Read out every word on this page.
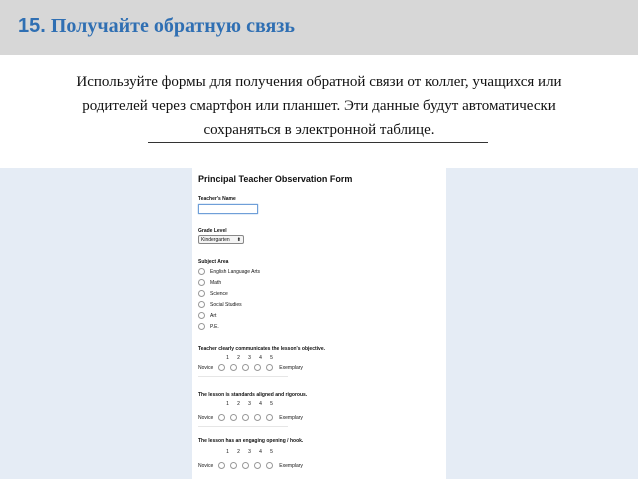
15. Получайте обратную связь
Используйте формы для получения обратной связи от коллег, учащихся или
родителей через смартфон или планшет. Эти данные будут автоматически
сохраняться в электронной таблице.
Principal Teacher Observation Form
Teacher's Name
Grade Level
Kindergarten ⬍
Subject Area
English Language Arts
Math
Science
Social Studies
Art
P.E.
Teacher clearly communicates the lesson's objective.
1 2 3 4 5
Novice	Exemplary
The lesson is standards aligned and rigorous.
1 2 3 4 5
Novice	Exemplary
The lesson has an engaging opening / hook.
1 2 3 4 5
Novice	Exemplary
